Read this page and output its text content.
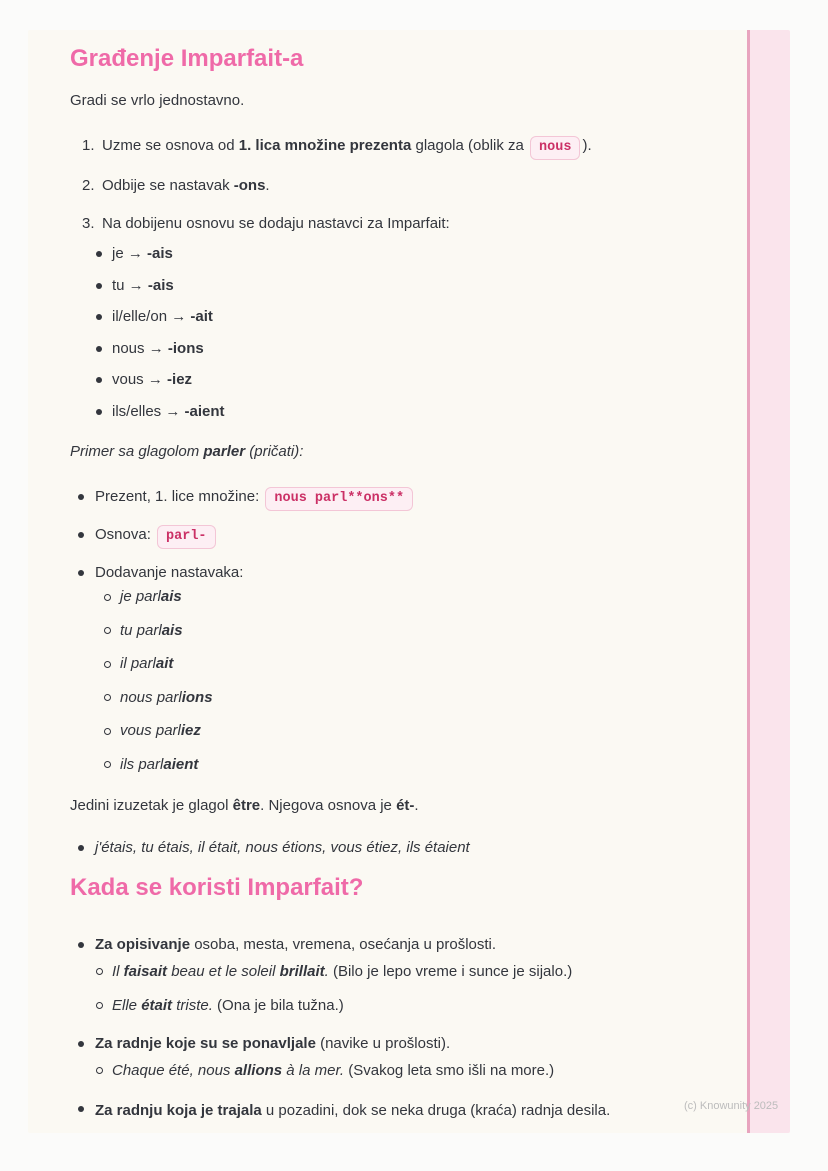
Građenje Imparfait-a

Gradi se vrlo jednostavno.

1. Uzme se osnova od 1. lica množine prezenta glagola (oblik za nous ).
2. Odbije se nastavak -ons.
3. Na dobijenu osnovu se dodaju nastavci za Imparfait:
je → -ais
tu → -ais
il/elle/on → -ait
nous → -ions
vous → -iez
ils/elles → -aient

Primer sa glagolom parler (pričati):

Prezent, 1. lice množine: nous parl**ons**
Osnova: parl-
Dodavanje nastavaka:
je parlais
tu parlais
il parlait
nous parlions
vous parliez
ils parlaient

Jedini izuzetak je glagol être. Njegova osnova je ét-.

j'étais, tu étais, il était, nous étions, vous étiez, ils étaient
Kada se koristi Imparfait?
Za opisivanje osoba, mesta, vremena, osećanja u prošlosti.
Il faisait beau et le soleil brillait. (Bilo je lepo vreme i sunce je sijalo.)
Elle était triste. (Ona je bila tužna.)
Za radnje koje su se ponavljale (navike u prošlosti).
Chaque été, nous allions à la mer. (Svakog leta smo išli na more.)
Za radnju koja je trajala u pozadini, dok se neka druga (kraća) radnja desila.	(c) Knowunity 2025
